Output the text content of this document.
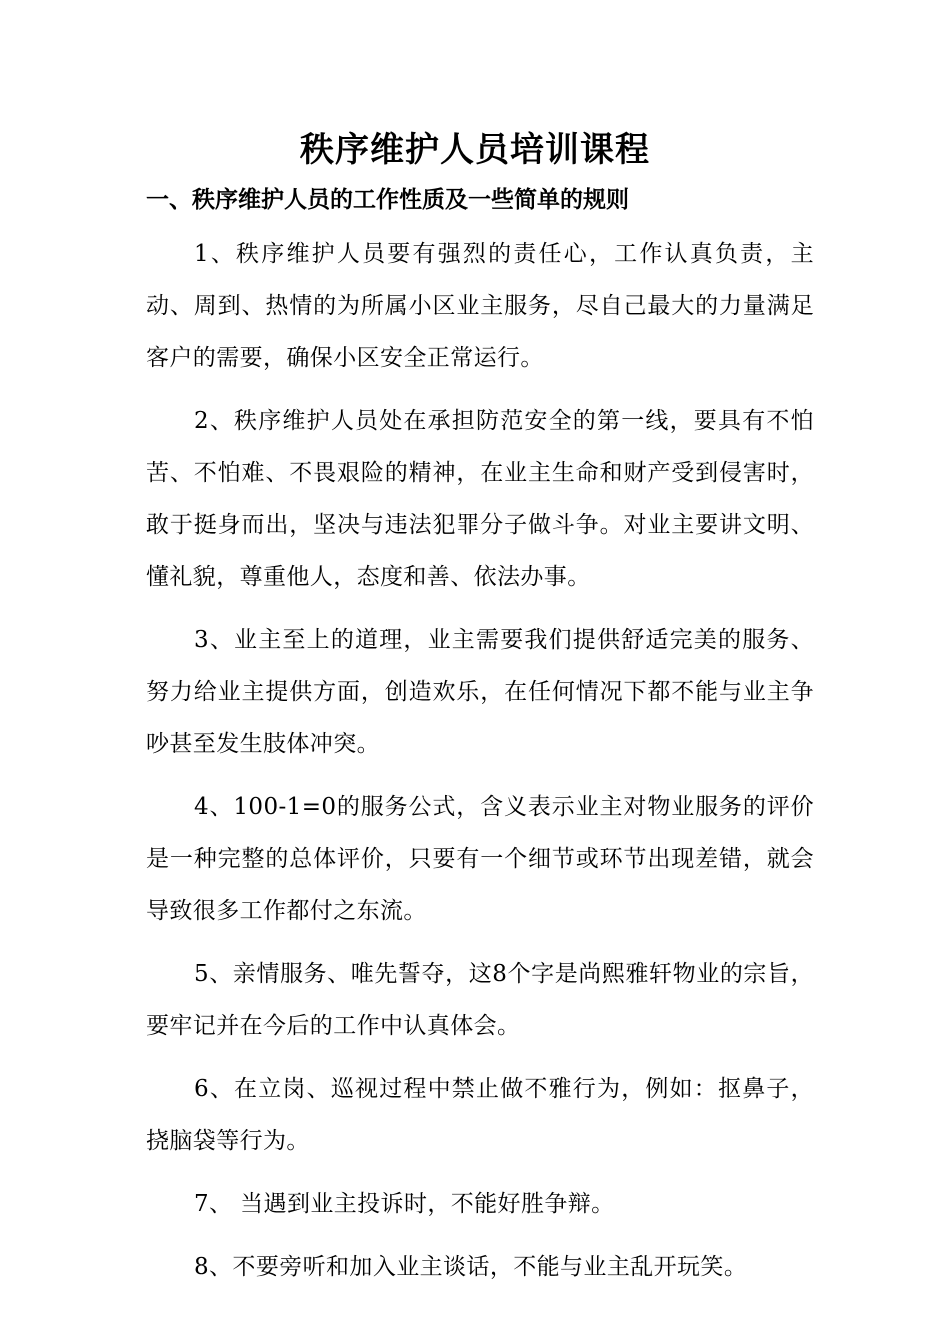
秩序维护人员培训课程
一、秩序维护人员的工作性质及一些简单的规则

1、秩序维护人员要有强烈的责任心，工作认真负责，主动、周到、热情的为所属小区业主服务，尽自己最大的力量满足客户的需要，确保小区安全正常运行。

2、秩序维护人员处在承担防范安全的第一线，要具有不怕苦、不怕难、不畏艰险的精神，在业主生命和财产受到侵害时，敢于挺身而出，坚决与违法犯罪分子做斗争。对业主要讲文明、懂礼貌，尊重他人，态度和善、依法办事。

3、业主至上的道理，业主需要我们提供舒适完美的服务、努力给业主提供方面，创造欢乐，在任何情况下都不能与业主争吵甚至发生肢体冲突。

4、100-1=0的服务公式，含义表示业主对物业服务的评价是一种完整的总体评价，只要有一个细节或环节出现差错，就会导致很多工作都付之东流。

5、亲情服务、唯先誓夺，这8个字是尚熙雅轩物业的宗旨，要牢记并在今后的工作中认真体会。

6、在立岗、巡视过程中禁止做不雅行为，例如：抠鼻子，挠脑袋等行为。

7、 当遇到业主投诉时，不能好胜争辩。

8、不要旁听和加入业主谈话，不能与业主乱开玩笑。
